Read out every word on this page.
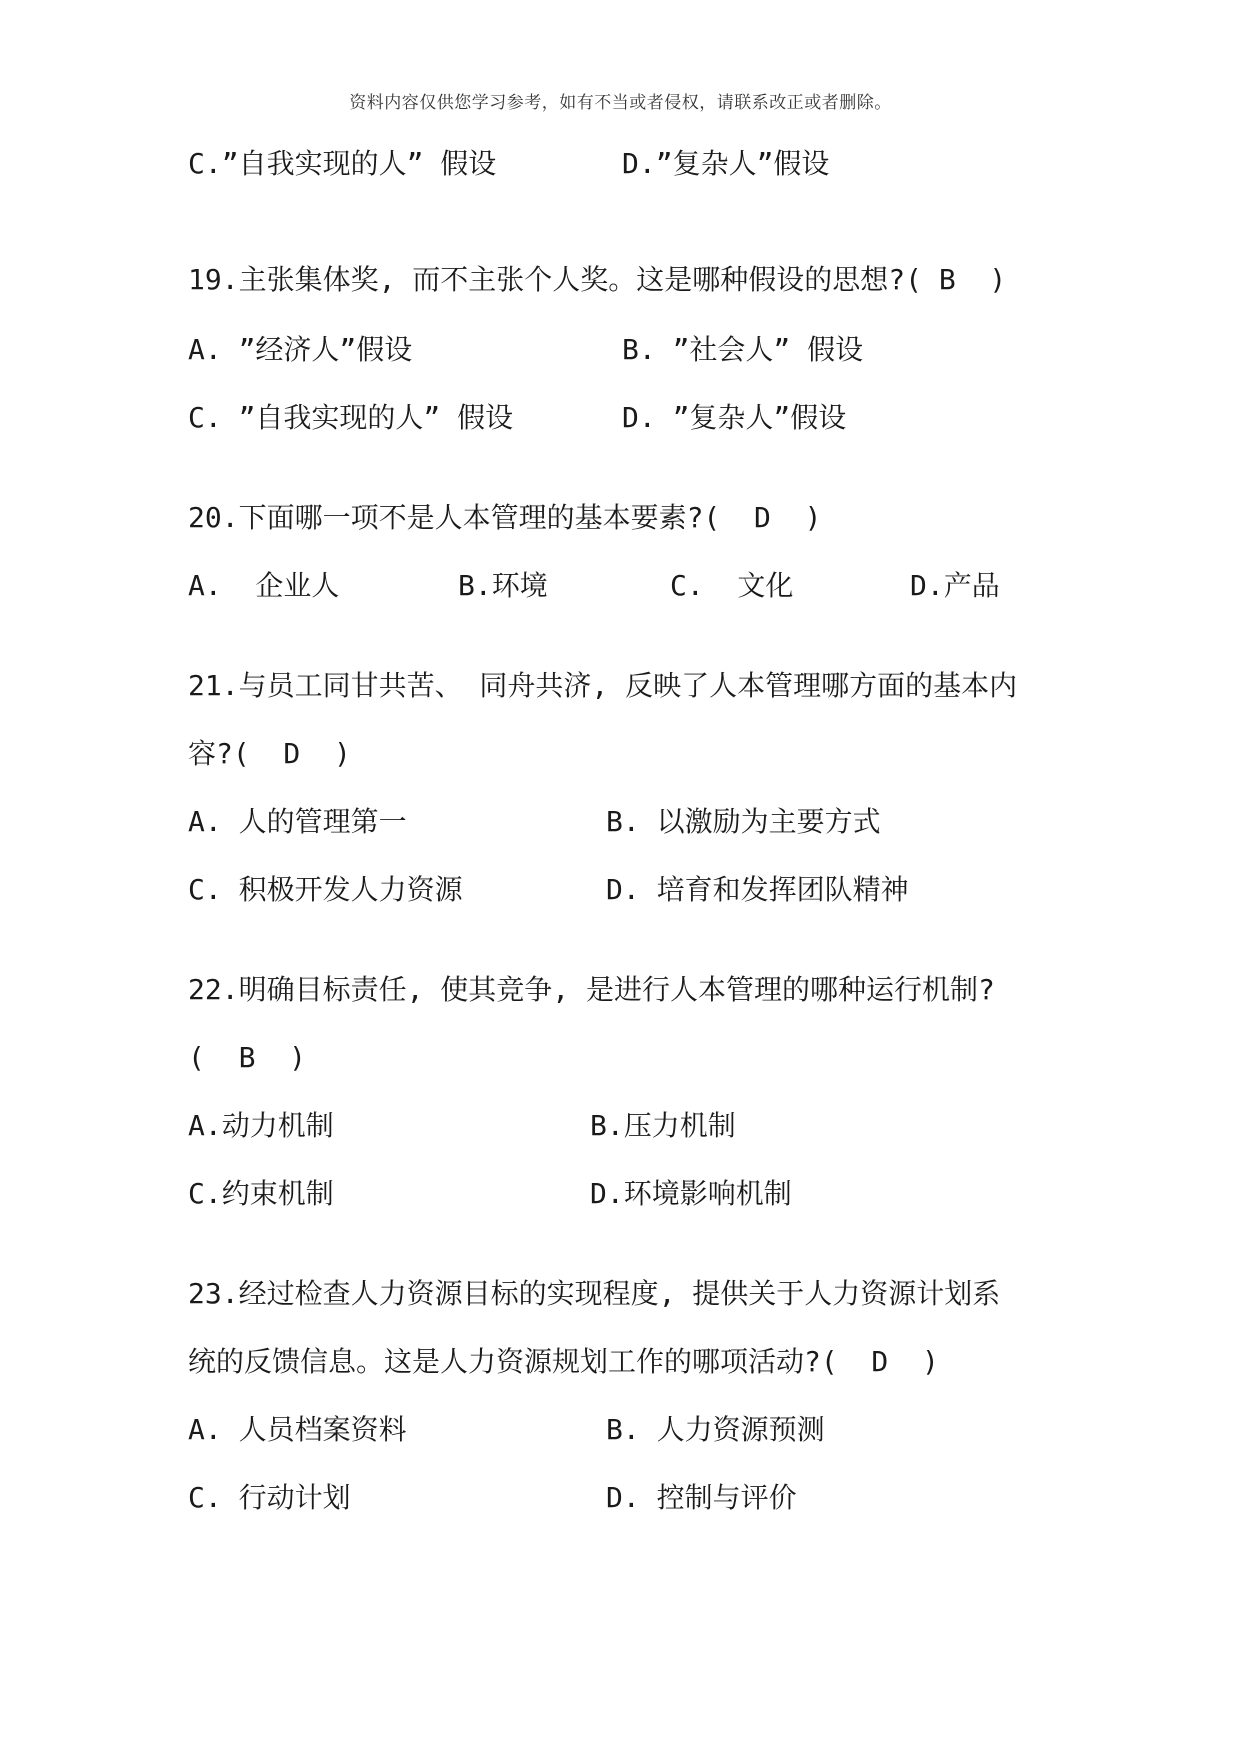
资料内容仅供您学习参考，如有不当或者侵权，请联系改正或者删除。
C.”自我实现的人” 假设	D.”复杂人”假设
19.主张集体奖, 而不主张个人奖。这是哪种假设的思想?( B  )
A. ”经济人”假设	B. ”社会人” 假设
C. ”自我实现的人” 假设	D. ”复杂人”假设
20.下面哪一项不是人本管理的基本要素?(  D  )
A.  企业人	B.环境	C.  文化	D.产品
21.与员工同甘共苦、 同舟共济, 反映了人本管理哪方面的基本内
容?(  D  )
A. 人的管理第一	B. 以激励为主要方式
C. 积极开发人力资源	D. 培育和发挥团队精神
22.明确目标责任, 使其竞争, 是进行人本管理的哪种运行机制?
(  B  )
A.动力机制	B.压力机制
C.约束机制	D.环境影响机制
23.经过检查人力资源目标的实现程度, 提供关于人力资源计划系
统的反馈信息。这是人力资源规划工作的哪项活动?(  D  )
A. 人员档案资料	B. 人力资源预测
C. 行动计划	D. 控制与评价
